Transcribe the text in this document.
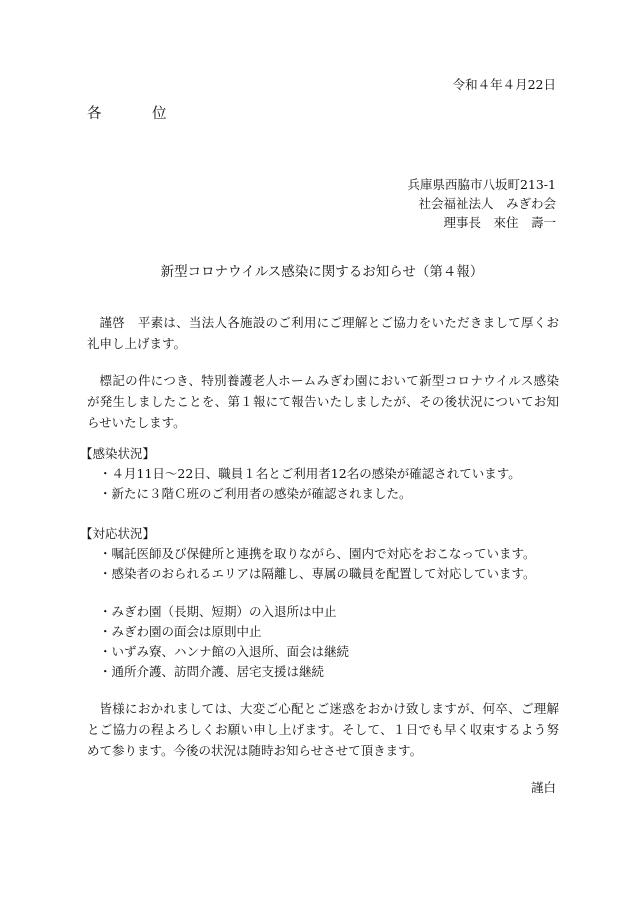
令和４年４月22日
各　位
兵庫県西脇市八坂町213-1
社会福祉法人　みぎわ会
理事長　來住　壽一
新型コロナウイルス感染に関するお知らせ（第４報）

謹啓　平素は、当法人各施設のご利用にご理解とご協力をいただきまして厚くお礼申し上げます。

標記の件につき、特別養護老人ホームみぎわ園において新型コロナウイルス感染が発生しましたことを、第１報にて報告いたしましたが、その後状況についてお知らせいたします。

【感染状況】
・４月11日～22日、職員１名とご利用者12名の感染が確認されています。
・新たに３階Ｃ班のご利用者の感染が確認されました。
【対応状況】
・嘱託医師及び保健所と連携を取りながら、園内で対応をおこなっています。
・感染者のおられるエリアは隔離し、専属の職員を配置して対応しています。
・みぎわ園（長期、短期）の入退所は中止
・みぎわ園の面会は原則中止
・いずみ寮、ハンナ館の入退所、面会は継続
・通所介護、訪問介護、居宅支援は継続

皆様におかれましては、大変ご心配とご迷惑をおかけ致しますが、何卒、ご理解とご協力の程よろしくお願い申し上げます。そして、１日でも早く収束するよう努めて参ります。今後の状況は随時お知らせさせて頂きます。

謹白
